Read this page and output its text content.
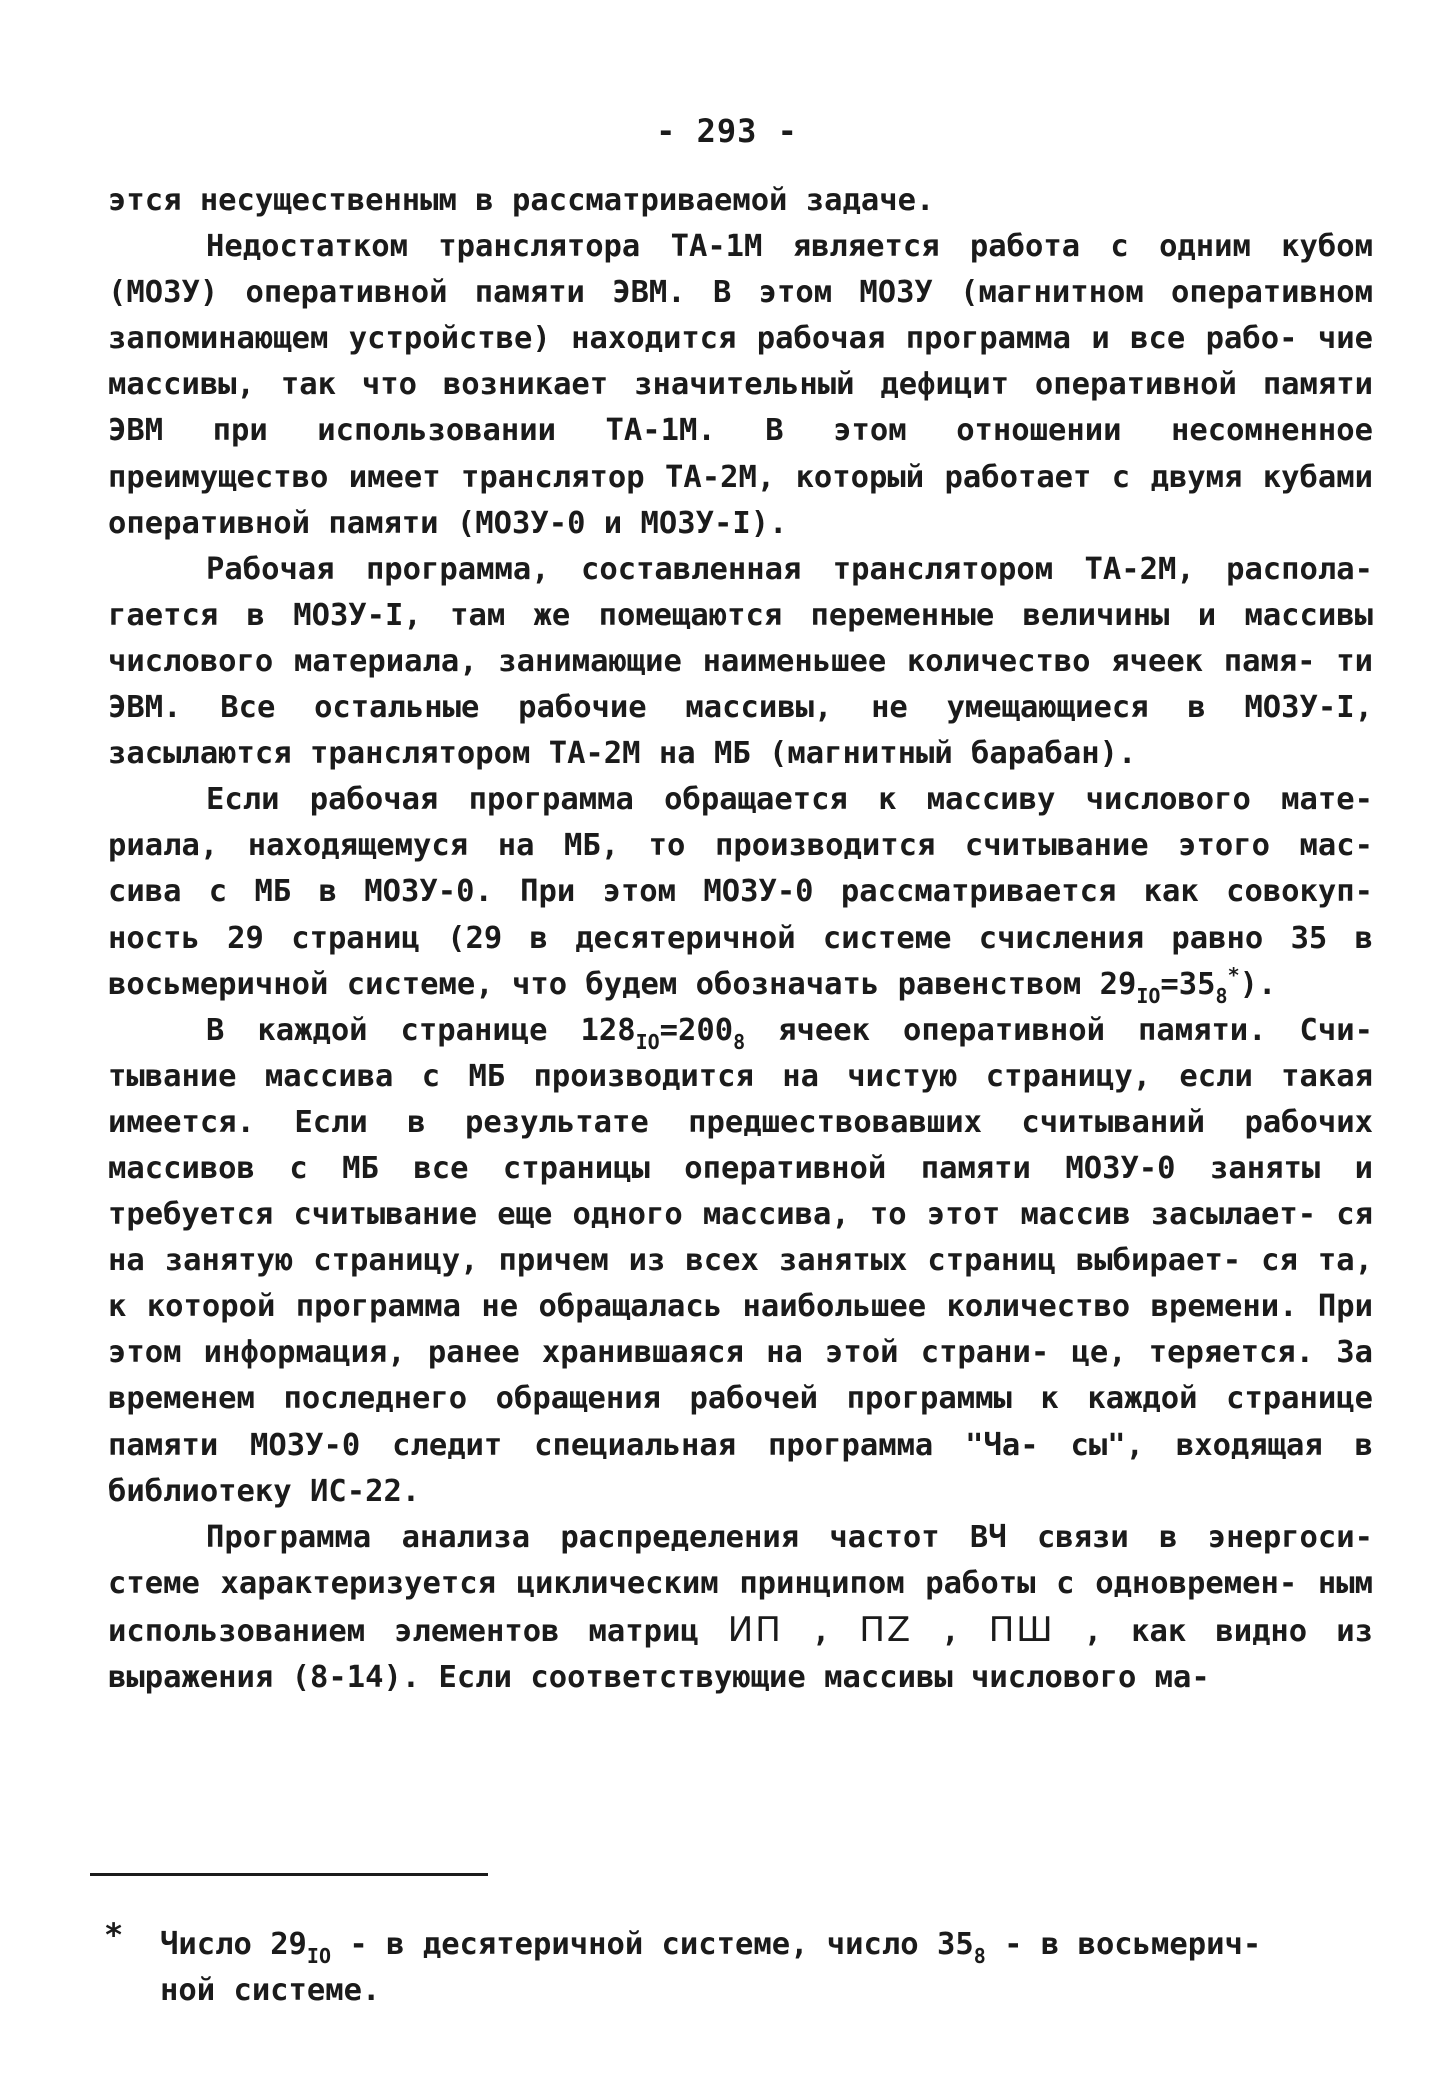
- 293 -

этся несущественным в рассматриваемой задаче.

Недостатком транслятора ТА-1М является работа с одним кубом (МОЗУ) оперативной памяти ЭВМ. В этом МОЗУ (магнитном оперативном запоминающем устройстве) находится рабочая программа и все рабо- чие массивы, так что возникает значительный дефицит оперативной памяти ЭВМ при использовании ТА-1М. В этом отношении несомненное преимущество имеет транслятор ТА-2М, который работает с двумя кубами оперативной памяти (МОЗУ-0 и МОЗУ-I).

Рабочая программа, составленная транслятором ТА-2М, распола- гается в МОЗУ-I, там же помещаются переменные величины и массивы числового материала, занимающие наименьшее количество ячеек памя- ти ЭВМ. Все остальные рабочие массивы, не умещающиеся в МОЗУ-I, засылаются транслятором ТА-2М на МБ (магнитный барабан).

Если рабочая программа обращается к массиву числового мате- риала, находящемуся на МБ, то производится считывание этого мас- сива с МБ в МОЗУ-0. При этом МОЗУ-0 рассматривается как совокуп- ность 29 страниц (29 в десятеричной системе счисления равно 35 в восьмеричной системе, что будем обозначать равенством $29_{IO}=35_8^*$).

В каждой странице $128_{IO}=200_8$ ячеек оперативной памяти. Счи- тывание массива с МБ производится на чистую страницу, если такая имеется. Если в результате предшествовавших считываний рабочих массивов с МБ все страницы оперативной памяти МОЗУ-0 заняты и требуется считывание еще одного массива, то этот массив засылает- ся на занятую страницу, причем из всех занятых страниц выбирает- ся та, к которой программа не обращалась наибольшее количество времени. При этом информация, ранее хранившаяся на этой страни- це, теряется. За временем последнего обращения рабочей программы к каждой странице памяти МОЗУ-0 следит специальная программа "Ча- сы", входящая в библиотеку ИС-22.

Программа анализа распределения частот ВЧ связи в энергоси- стеме характеризуется циклическим принципом работы с одновремен- ным использованием элементов матриц ИП , ПZ , ПШ , как видно из выражения (8-14). Если соответствующие массивы числового ма-

* Число $29_{IO}$ - в десятеричной системе, число $35_8$ - в восьмерич-

ной системе.
